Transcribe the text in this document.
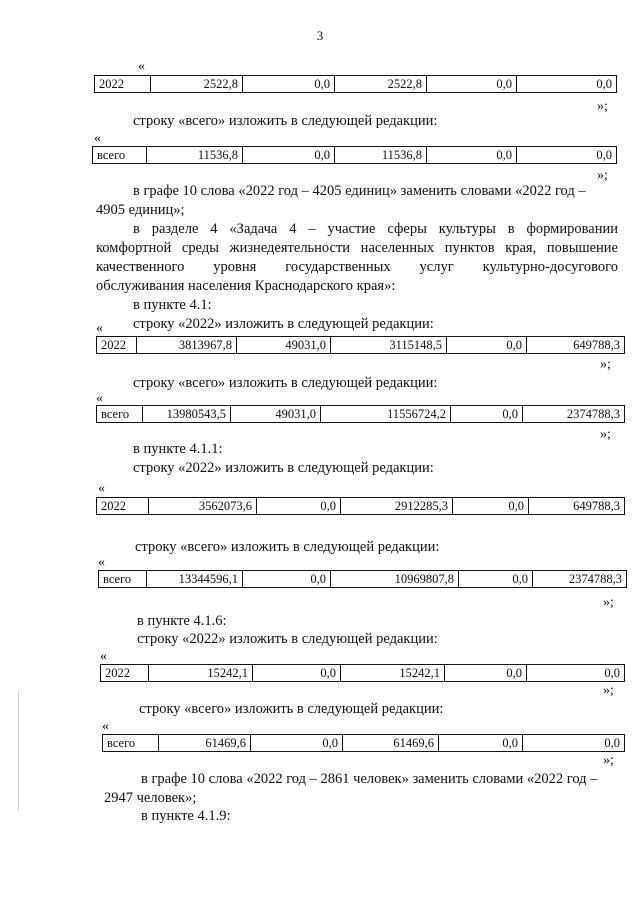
3
«
2022	2522,8	0,0	2522,8	0,0	0,0
»;
строку «всего» изложить в следующей редакции:
«
всего	11536,8	0,0	11536,8	0,0	0,0
»;
в графе 10 слова «2022 год – 4205 единиц» заменить словами «2022 год –
4905 единиц»;
в разделе 4 «Задача 4 – участие сферы культуры в формировании
комфортной среды жизнедеятельности населенных пунктов края, повышение
качественного уровня государственных услуг культурно-досугового
обслуживания населения Краснодарского края»:
в пункте 4.1:
строку «2022» изложить в следующей редакции:
«
2022	3813967,8	49031,0	3115148,5	0,0	649788,3
»;
строку «всего» изложить в следующей редакции:
«
всего	13980543,5	49031,0	11556724,2	0,0	2374788,3
»;
в пункте 4.1.1:
строку «2022» изложить в следующей редакции:
«
2022	3562073,6	0,0	2912285,3	0,0	649788,3
строку «всего» изложить в следующей редакции:
«
всего	13344596,1	0,0	10969807,8	0,0	2374788,3
»;
в пункте 4.1.6:
строку «2022» изложить в следующей редакции:
«
2022	15242,1	0,0	15242,1	0,0	0,0
»;
строку «всего» изложить в следующей редакции:
«
всего	61469,6	0,0	61469,6	0,0	0,0
»;
в графе 10 слова «2022 год – 2861 человек» заменить словами «2022 год –
2947 человек»;
в пункте 4.1.9:
